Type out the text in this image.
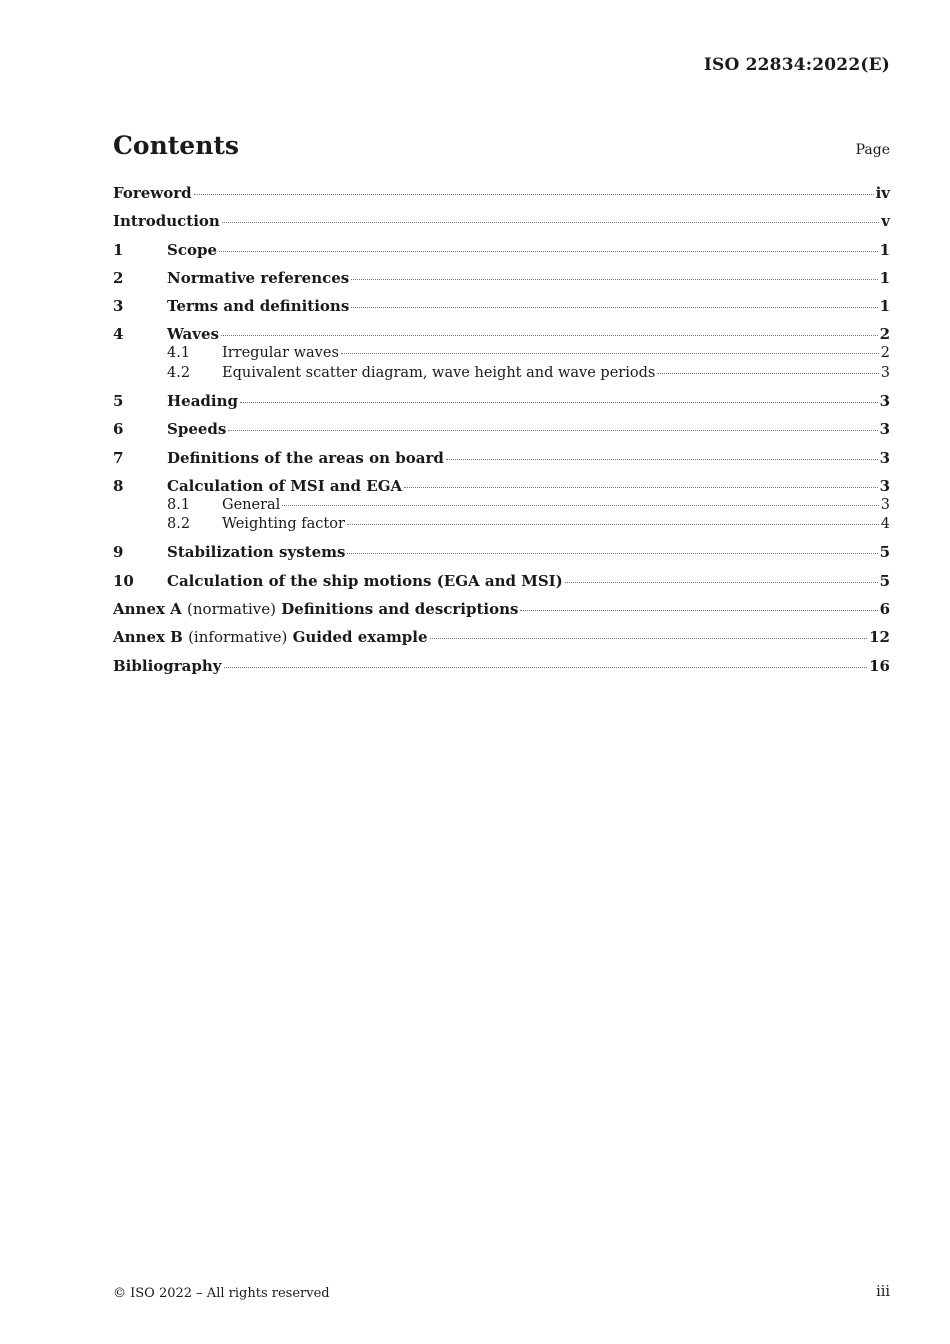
ISO 22834:2022(E)
Contents	Page
Foreword	iv
Introduction	v
1	Scope	1
2	Normative references	1
3	Terms and definitions	1
4	Waves	2
4.1	Irregular waves	2
4.2	Equivalent scatter diagram, wave height and wave periods	3
5	Heading	3
6	Speeds	3
7	Definitions of the areas on board	3
8	Calculation of MSI and EGA	3
8.1	General	3
8.2	Weighting factor	4
9	Stabilization systems	5
10	Calculation of the ship motions (EGA and MSI)	5
Annex A (normative) Definitions and descriptions	6
Annex B (informative) Guided example	12
Bibliography	16
© ISO 2022 – All rights reserved	iii
